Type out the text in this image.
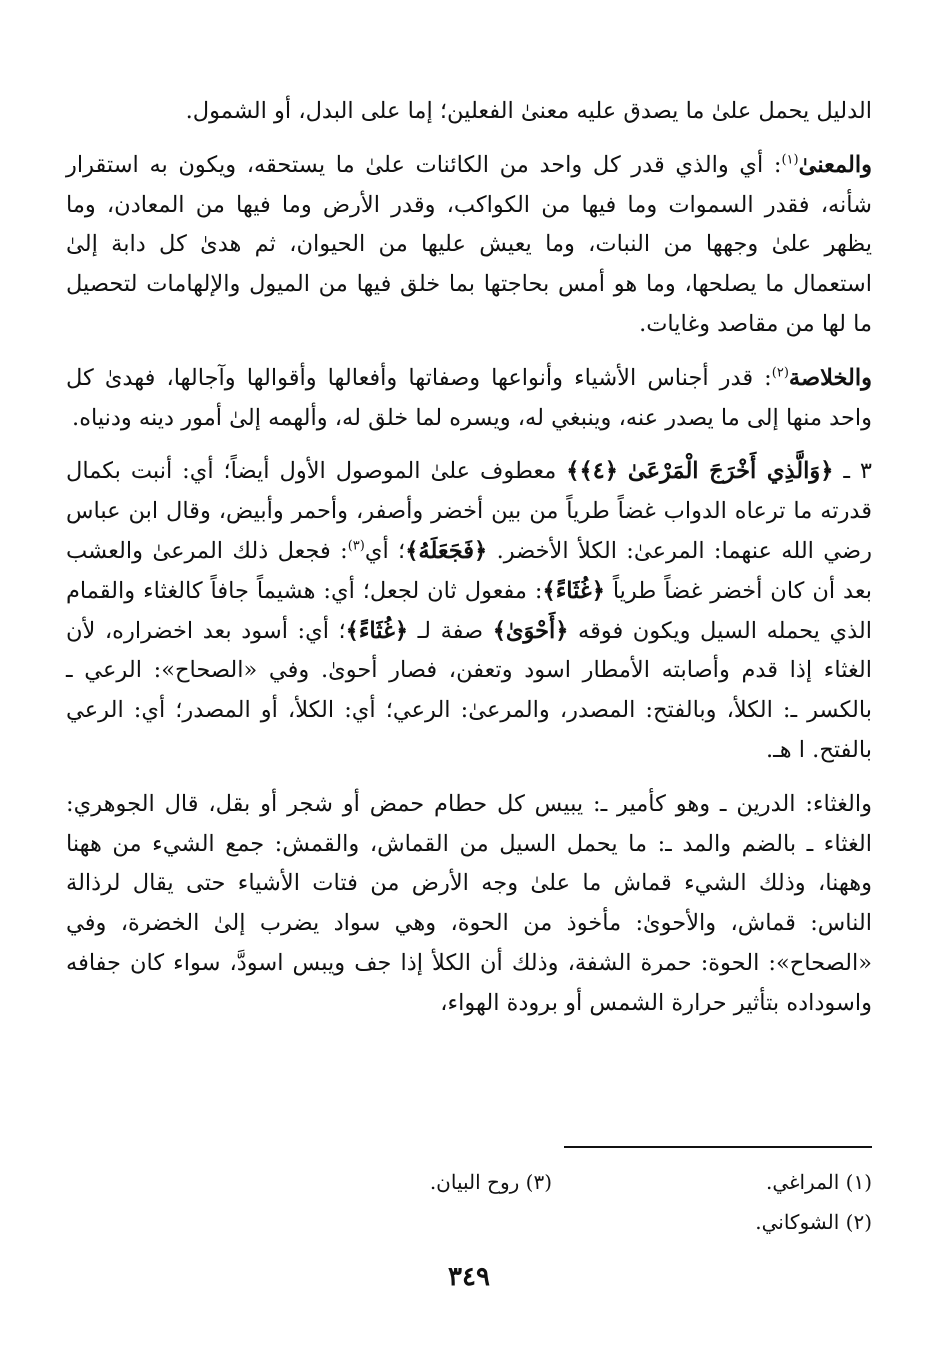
الدليل يحمل علىٰ ما يصدق عليه معنىٰ الفعلين؛ إما على البدل، أو الشمول.

والمعنىٰ$^{(١)}$: أي والذي قدر كل واحد من الكائنات علىٰ ما يستحقه، ويكون به استقرار شأنه، فقدر السموات وما فيها من الكواكب، وقدر الأرض وما فيها من المعادن، وما يظهر علىٰ وجهها من النبات، وما يعيش عليها من الحيوان، ثم هدىٰ كل دابة إلىٰ استعمال ما يصلحها، وما هو أمس بحاجتها بما خلق فيها من الميول والإلهامات لتحصيل ما لها من مقاصد وغايات.

والخلاصة$^{(٢)}$: قدر أجناس الأشياء وأنواعها وصفاتها وأفعالها وأقوالها وآجالها، فهدىٰ كل واحد منها إلى ما يصدر عنه، وينبغي له، ويسره لما خلق له، وألهمه إلىٰ أمور دينه ودنياه.

٣ ـ ﴿وَالَّذِي أَخْرَجَ الْمَرْعَىٰ ﴿٤﴾﴾ معطوف علىٰ الموصول الأول أيضاً؛ أي: أنبت بكمال قدرته ما ترعاه الدواب غضاً طرياً من بين أخضر وأصفر، وأحمر وأبيض، وقال ابن عباس رضي الله عنهما: المرعىٰ: الكلأ الأخضر. ﴿فَجَعَلَهُ﴾؛ أي$^{(٣)}$: فجعل ذلك المرعىٰ والعشب بعد أن كان أخضر غضاً طرياً ﴿غُثَاءً﴾: مفعول ثان لجعل؛ أي: هشيماً جافاً كالغثاء والقمام الذي يحمله السيل ويكون فوقه ﴿أَحْوَىٰ﴾ صفة لـ ﴿غُثَاءً﴾؛ أي: أسود بعد اخضراره، لأن الغثاء إذا قدم وأصابته الأمطار اسود وتعفن، فصار أحوىٰ. وفي «الصحاح»: الرعي ـ بالكسر ـ: الكلأ، وبالفتح: المصدر، والمرعىٰ: الرعي؛ أي: الكلأ، أو المصدر؛ أي: الرعي بالفتح. ا هـ.

والغثاء: الدرين ـ وهو كأمير ـ: يبيس كل حطام حمض أو شجر أو بقل، قال الجوهري: الغثاء ـ بالضم والمد ـ: ما يحمل السيل من القماش، والقمش: جمع الشيء من ههنا وههنا، وذلك الشيء قماش ما علىٰ وجه الأرض من فتات الأشياء حتى يقال لرذالة الناس: قماش، والأحوىٰ: مأخوذ من الحوة، وهي سواد يضرب إلىٰ الخضرة، وفي «الصحاح»: الحوة: حمرة الشفة، وذلك أن الكلأ إذا جف ويبس اسودَّ، سواء كان جفافه واسوداده بتأثير حرارة الشمس أو برودة الهواء،

(١) المراغي.
(٣) روح البيان.
(٢) الشوكاني.
٣٤٩
